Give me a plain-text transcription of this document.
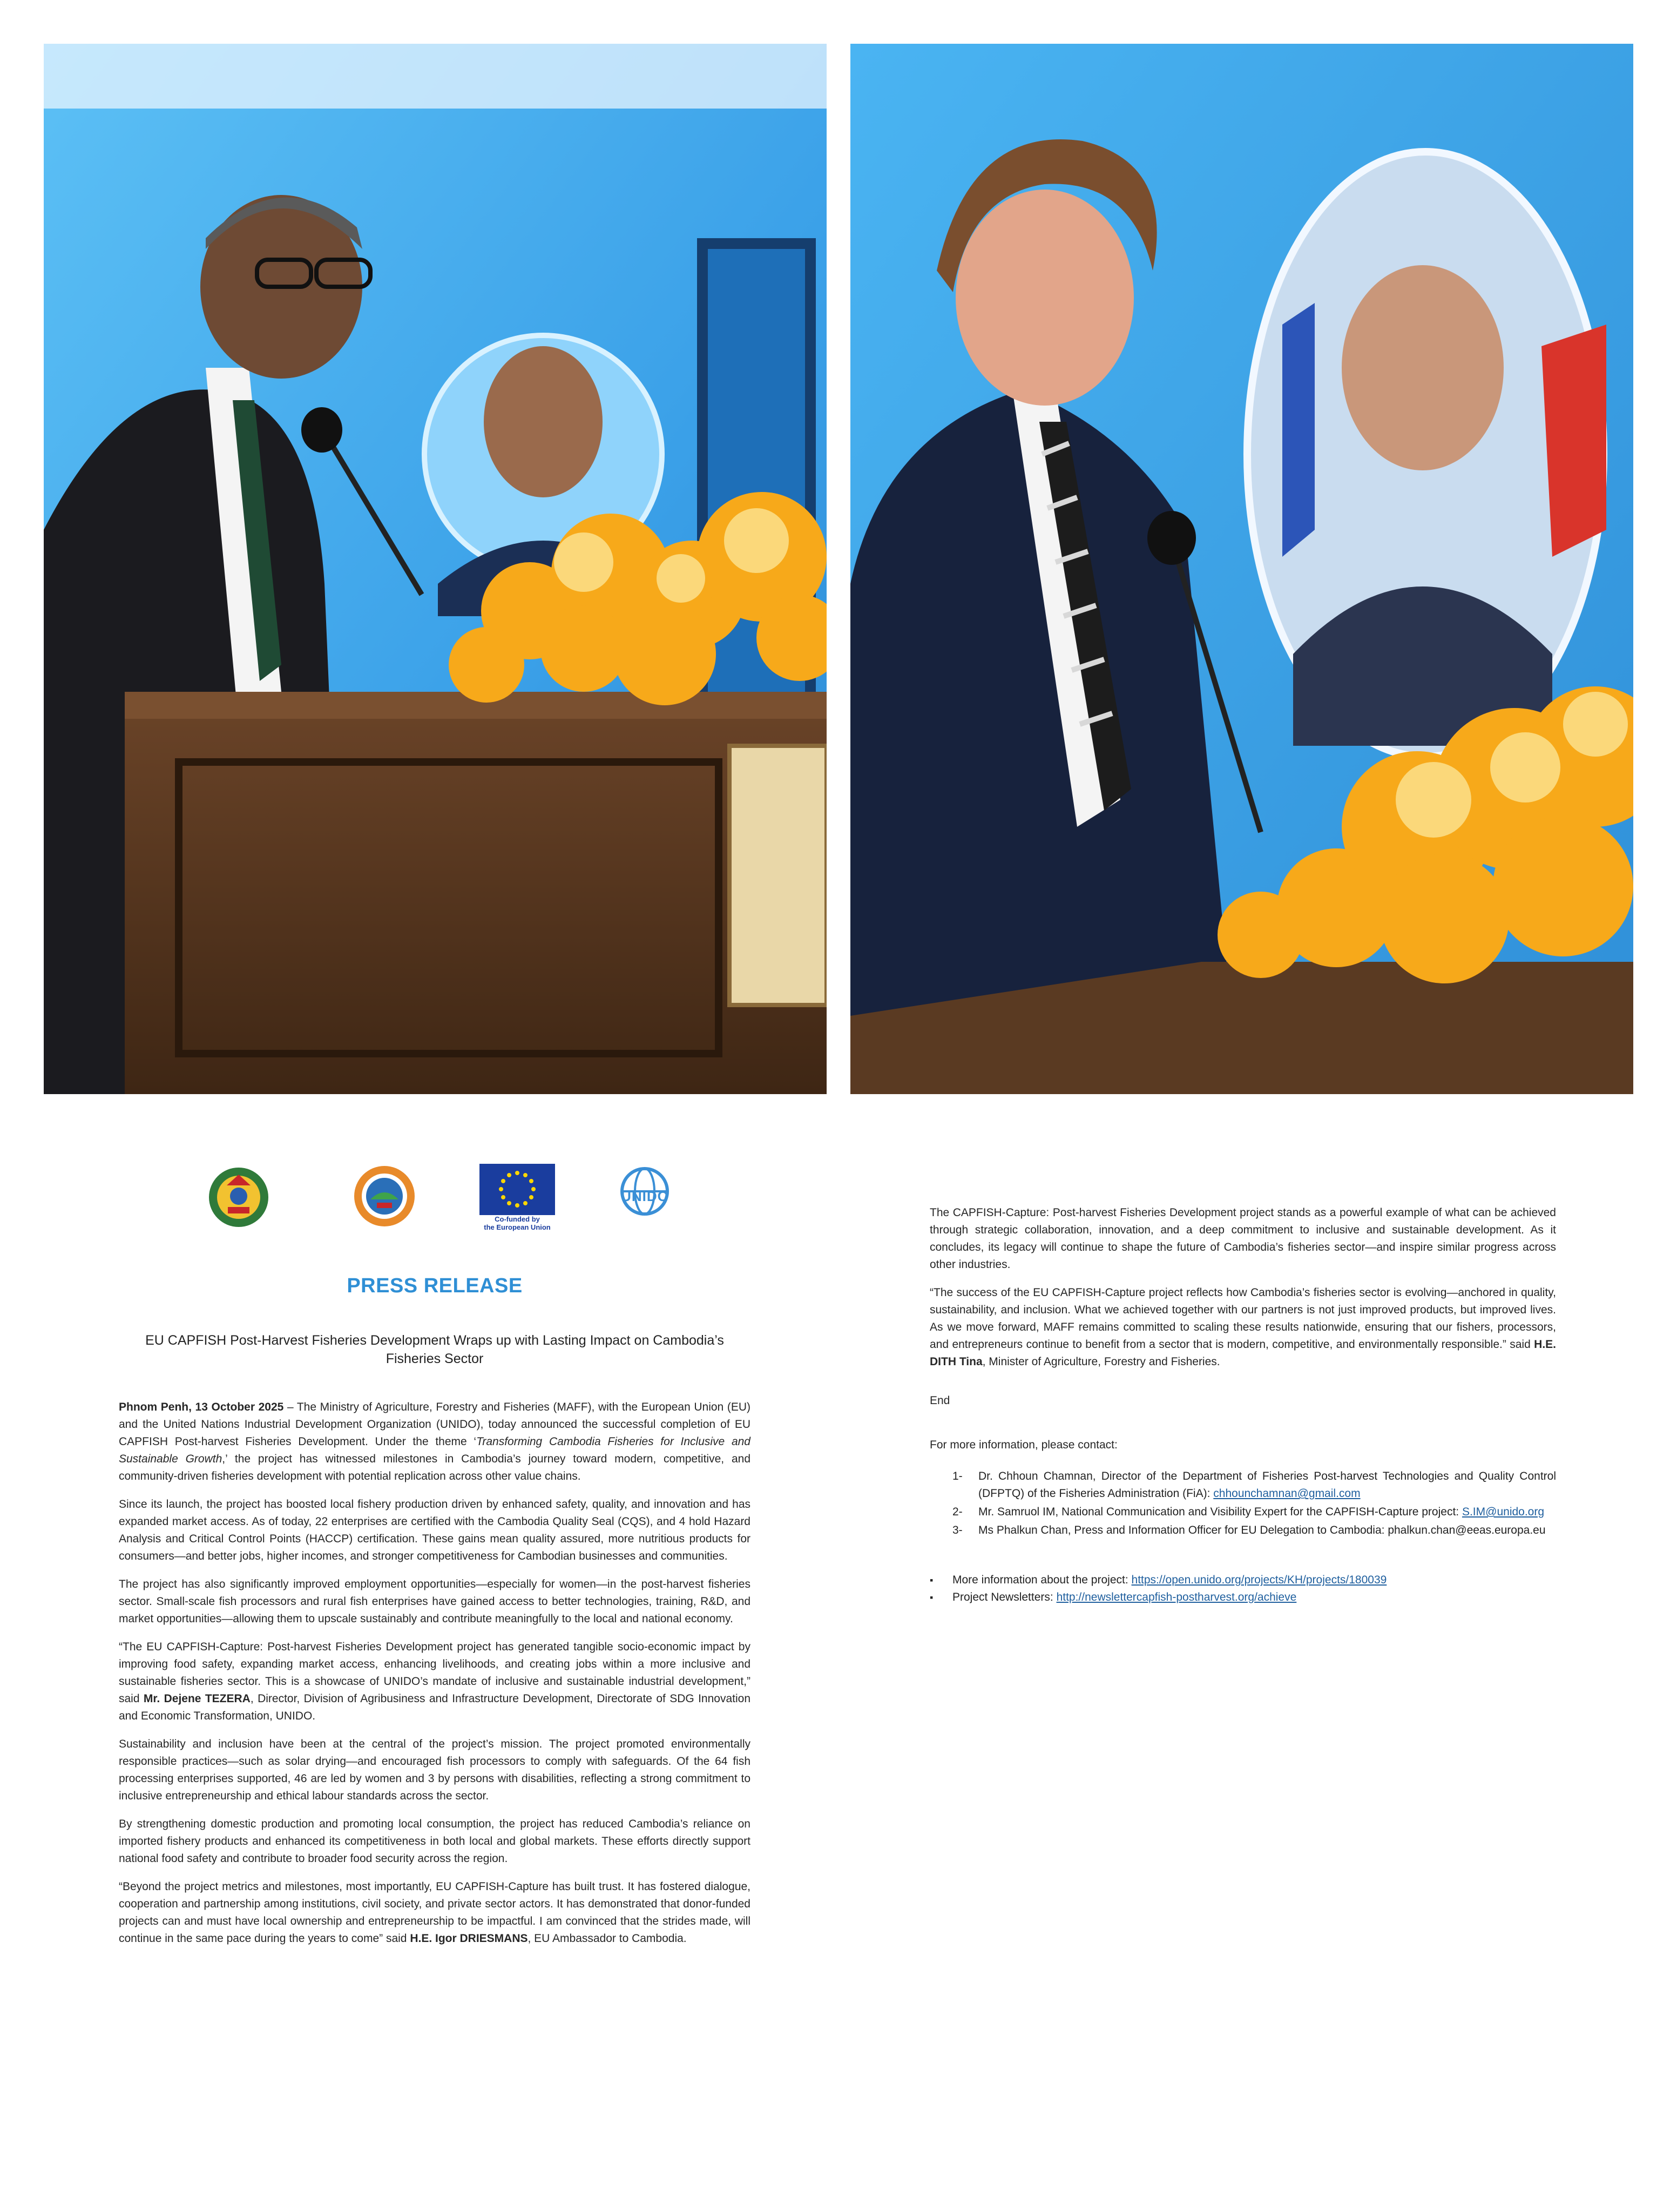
Co-funded by
the European Union
UNIDO
PRESS RELEASE
EU CAPFISH Post-Harvest Fisheries Development Wraps up with Lasting Impact on Cambodia’s
Fisheries Sector

Phnom Penh, 13 October 2025 – The Ministry of Agriculture, Forestry and Fisheries (MAFF), with the European Union (EU) and the United Nations Industrial Development Organization (UNIDO), today announced the successful completion of EU CAPFISH Post-harvest Fisheries Development. Under the theme ‘Transforming Cambodia Fisheries for Inclusive and Sustainable Growth,’ the project has witnessed milestones in Cambodia’s journey toward modern, competitive, and community-driven fisheries development with potential replication across other value chains.

Since its launch, the project has boosted local fishery production driven by enhanced safety, quality, and innovation and has expanded market access. As of today, 22 enterprises are certified with the Cambodia Quality Seal (CQS), and 4 hold Hazard Analysis and Critical Control Points (HACCP) certification. These gains mean quality assured, more nutritious products for consumers—and better jobs, higher incomes, and stronger competitiveness for Cambodian businesses and communities.

The project has also significantly improved employment opportunities—especially for women—in the post-harvest fisheries sector. Small-scale fish processors and rural fish enterprises have gained access to better technologies, training, R&D, and market opportunities—allowing them to upscale sustainably and contribute meaningfully to the local and national economy.

“The EU CAPFISH-Capture: Post-harvest Fisheries Development project has generated tangible socio-economic impact by improving food safety, expanding market access, enhancing livelihoods, and creating jobs within a more inclusive and sustainable fisheries sector. This is a showcase of UNIDO’s mandate of inclusive and sustainable industrial development,” said Mr. Dejene TEZERA, Director, Division of Agribusiness and Infrastructure Development, Directorate of SDG Innovation and Economic Transformation, UNIDO.

Sustainability and inclusion have been at the central of the project’s mission. The project promoted environmentally responsible practices—such as solar drying—and encouraged fish processors to comply with safeguards. Of the 64 fish processing enterprises supported, 46 are led by women and 3 by persons with disabilities, reflecting a strong commitment to inclusive entrepreneurship and ethical labour standards across the sector.

By strengthening domestic production and promoting local consumption, the project has reduced Cambodia’s reliance on imported fishery products and enhanced its competitiveness in both local and global markets. These efforts directly support national food safety and contribute to broader food security across the region.

“Beyond the project metrics and milestones, most importantly, EU CAPFISH-Capture has built trust. It has fostered dialogue, cooperation and partnership among institutions, civil society, and private sector actors. It has demonstrated that donor-funded projects can and must have local ownership and entrepreneurship to be impactful. I am convinced that the strides made, will continue in the same pace during the years to come” said H.E. Igor DRIESMANS, EU Ambassador to Cambodia.

The CAPFISH-Capture: Post-harvest Fisheries Development project stands as a powerful example of what can be achieved through strategic collaboration, innovation, and a deep commitment to inclusive and sustainable development. As it concludes, its legacy will continue to shape the future of Cambodia’s fisheries sector—and inspire similar progress across other industries.

“The success of the EU CAPFISH-Capture project reflects how Cambodia’s fisheries sector is evolving—anchored in quality, sustainability, and inclusion. What we achieved together with our partners is not just improved products, but improved lives. As we move forward, MAFF remains committed to scaling these results nationwide, ensuring that our fishers, processors, and entrepreneurs continue to benefit from a sector that is modern, competitive, and environmentally responsible.” said H.E. DITH Tina, Minister of Agriculture, Forestry and Fisheries.

End

For more information, please contact:

1- Dr. Chhoun Chamnan, Director of the Department of Fisheries Post-harvest Technologies and Quality Control (DFPTQ) of the Fisheries Administration (FiA): chhounchamnan@gmail.com
2- Mr. Samruol IM, National Communication and Visibility Expert for the CAPFISH-Capture project: S.IM@unido.org
3- Ms Phalkun Chan, Press and Information Officer for EU Delegation to Cambodia: phalkun.chan@eeas.europa.eu
▪ More information about the project: https://open.unido.org/projects/KH/projects/180039
▪ Project Newsletters: http://newslettercapfish-postharvest.org/achieve
